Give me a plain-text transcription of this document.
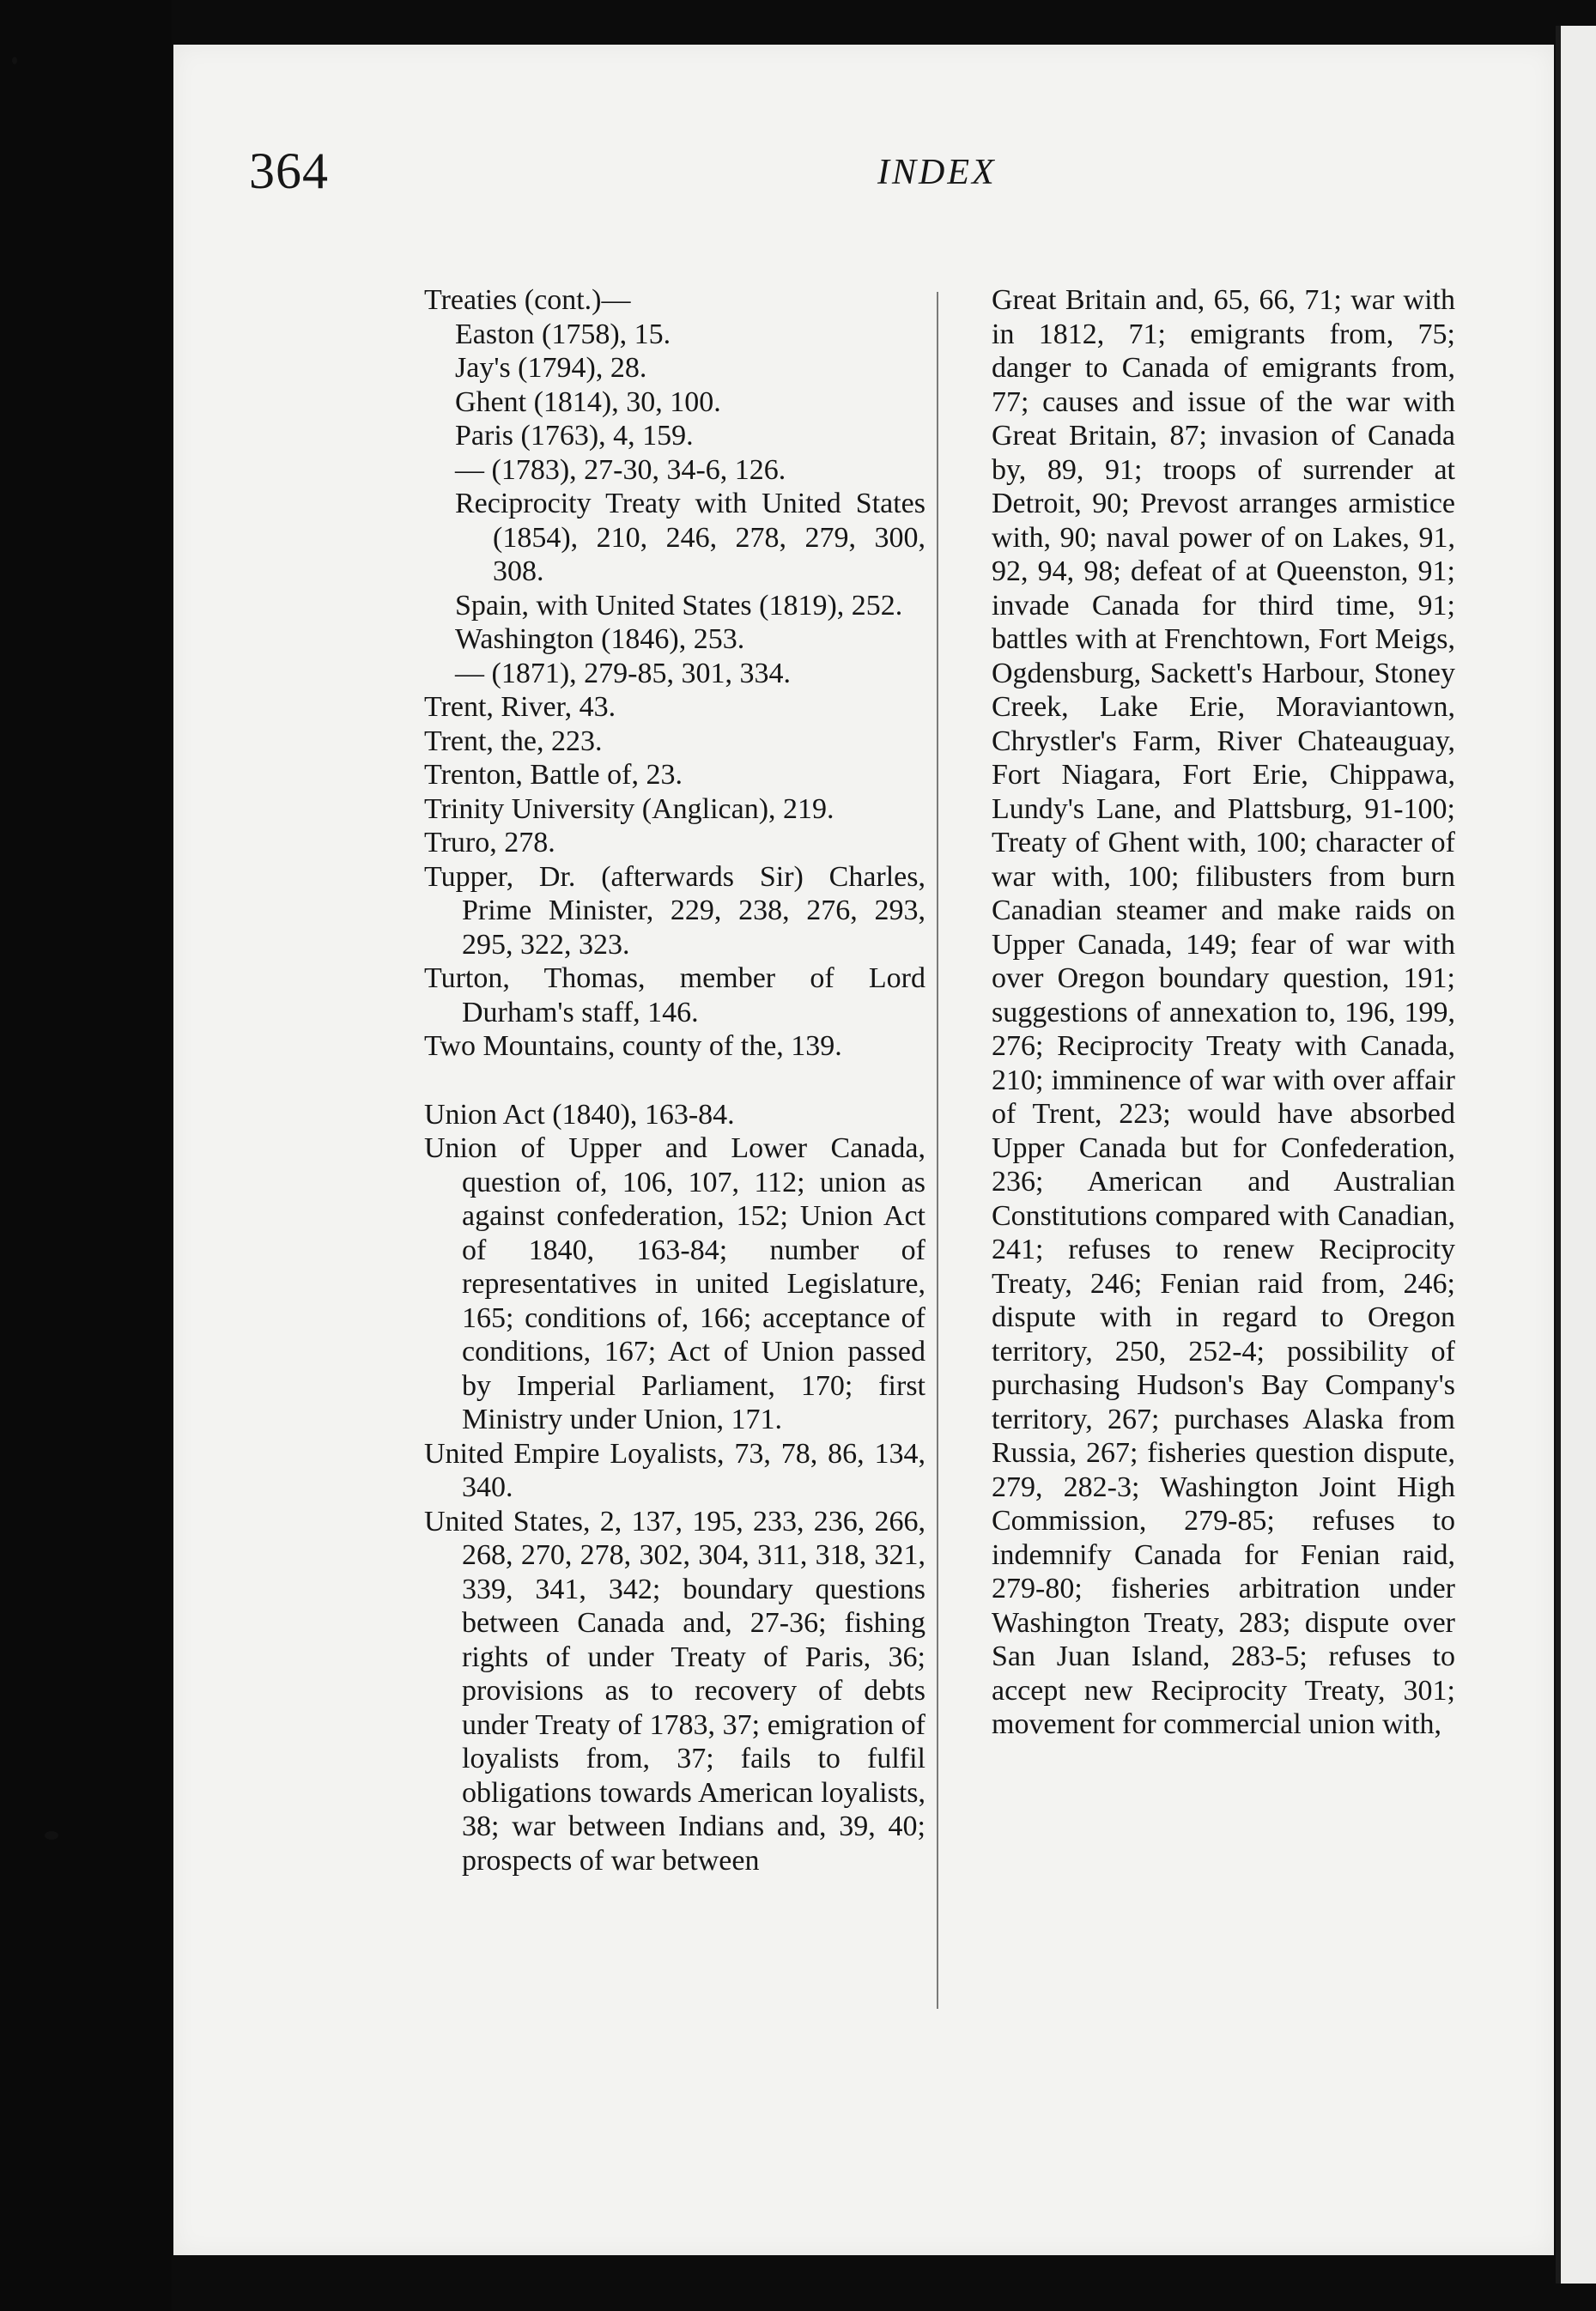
364	INDEX

Treaties (cont.)—

Easton (1758), 15.

Jay's (1794), 28.

Ghent (1814), 30, 100.

Paris (1763), 4, 159.

— (1783), 27-30, 34-6, 126.

Reciprocity Treaty with United States (1854), 210, 246, 278, 279, 300, 308.

Spain, with United States (1819), 252.

Washington (1846), 253.

— (1871), 279-85, 301, 334.

Trent, River, 43.

Trent, the, 223.

Trenton, Battle of, 23.

Trinity University (Anglican), 219.

Truro, 278.

Tupper, Dr. (afterwards Sir) Charles, Prime Minister, 229, 238, 276, 293, 295, 322, 323.

Turton, Thomas, member of Lord Durham's staff, 146.

Two Mountains, county of the, 139.

Union Act (1840), 163-84.

Union of Upper and Lower Canada, question of, 106, 107, 112; union as against confederation, 152; Union Act of 1840, 163-84; number of representatives in united Legislature, 165; conditions of, 166; acceptance of conditions, 167; Act of Union passed by Imperial Parliament, 170; first Ministry under Union, 171.

United Empire Loyalists, 73, 78, 86, 134, 340.

United States, 2, 137, 195, 233, 236, 266, 268, 270, 278, 302, 304, 311, 318, 321, 339, 341, 342; boundary questions between Canada and, 27-36; fishing rights of under Treaty of Paris, 36; provisions as to recovery of debts under Treaty of 1783, 37; emigration of loyalists from, 37; fails to fulfil obligations towards American loyalists, 38; war between Indians and, 39, 40; prospects of war between

Great Britain and, 65, 66, 71; war with in 1812, 71; emigrants from, 75; danger to Canada of emigrants from, 77; causes and issue of the war with Great Britain, 87; invasion of Canada by, 89, 91; troops of surrender at Detroit, 90; Prevost arranges armistice with, 90; naval power of on Lakes, 91, 92, 94, 98; defeat of at Queenston, 91; invade Canada for third time, 91; battles with at Frenchtown, Fort Meigs, Ogdensburg, Sackett's Harbour, Stoney Creek, Lake Erie, Moraviantown, Chrystler's Farm, River Chateauguay, Fort Niagara, Fort Erie, Chippawa, Lundy's Lane, and Plattsburg, 91-100; Treaty of Ghent with, 100; character of war with, 100; filibusters from burn Canadian steamer and make raids on Upper Canada, 149; fear of war with over Oregon boundary question, 191; suggestions of annexation to, 196, 199, 276; Reciprocity Treaty with Canada, 210; imminence of war with over affair of Trent, 223; would have absorbed Upper Canada but for Confederation, 236; American and Australian Constitutions compared with Canadian, 241; refuses to renew Reciprocity Treaty, 246; Fenian raid from, 246; dispute with in regard to Oregon territory, 250, 252-4; possibility of purchasing Hudson's Bay Company's territory, 267; purchases Alaska from Russia, 267; fisheries question dispute, 279, 282-3; Washington Joint High Commission, 279-85; refuses to indemnify Canada for Fenian raid, 279-80; fisheries arbitration under Washington Treaty, 283; dispute over San Juan Island, 283-5; refuses to accept new Reciprocity Treaty, 301; movement for commercial union with,
